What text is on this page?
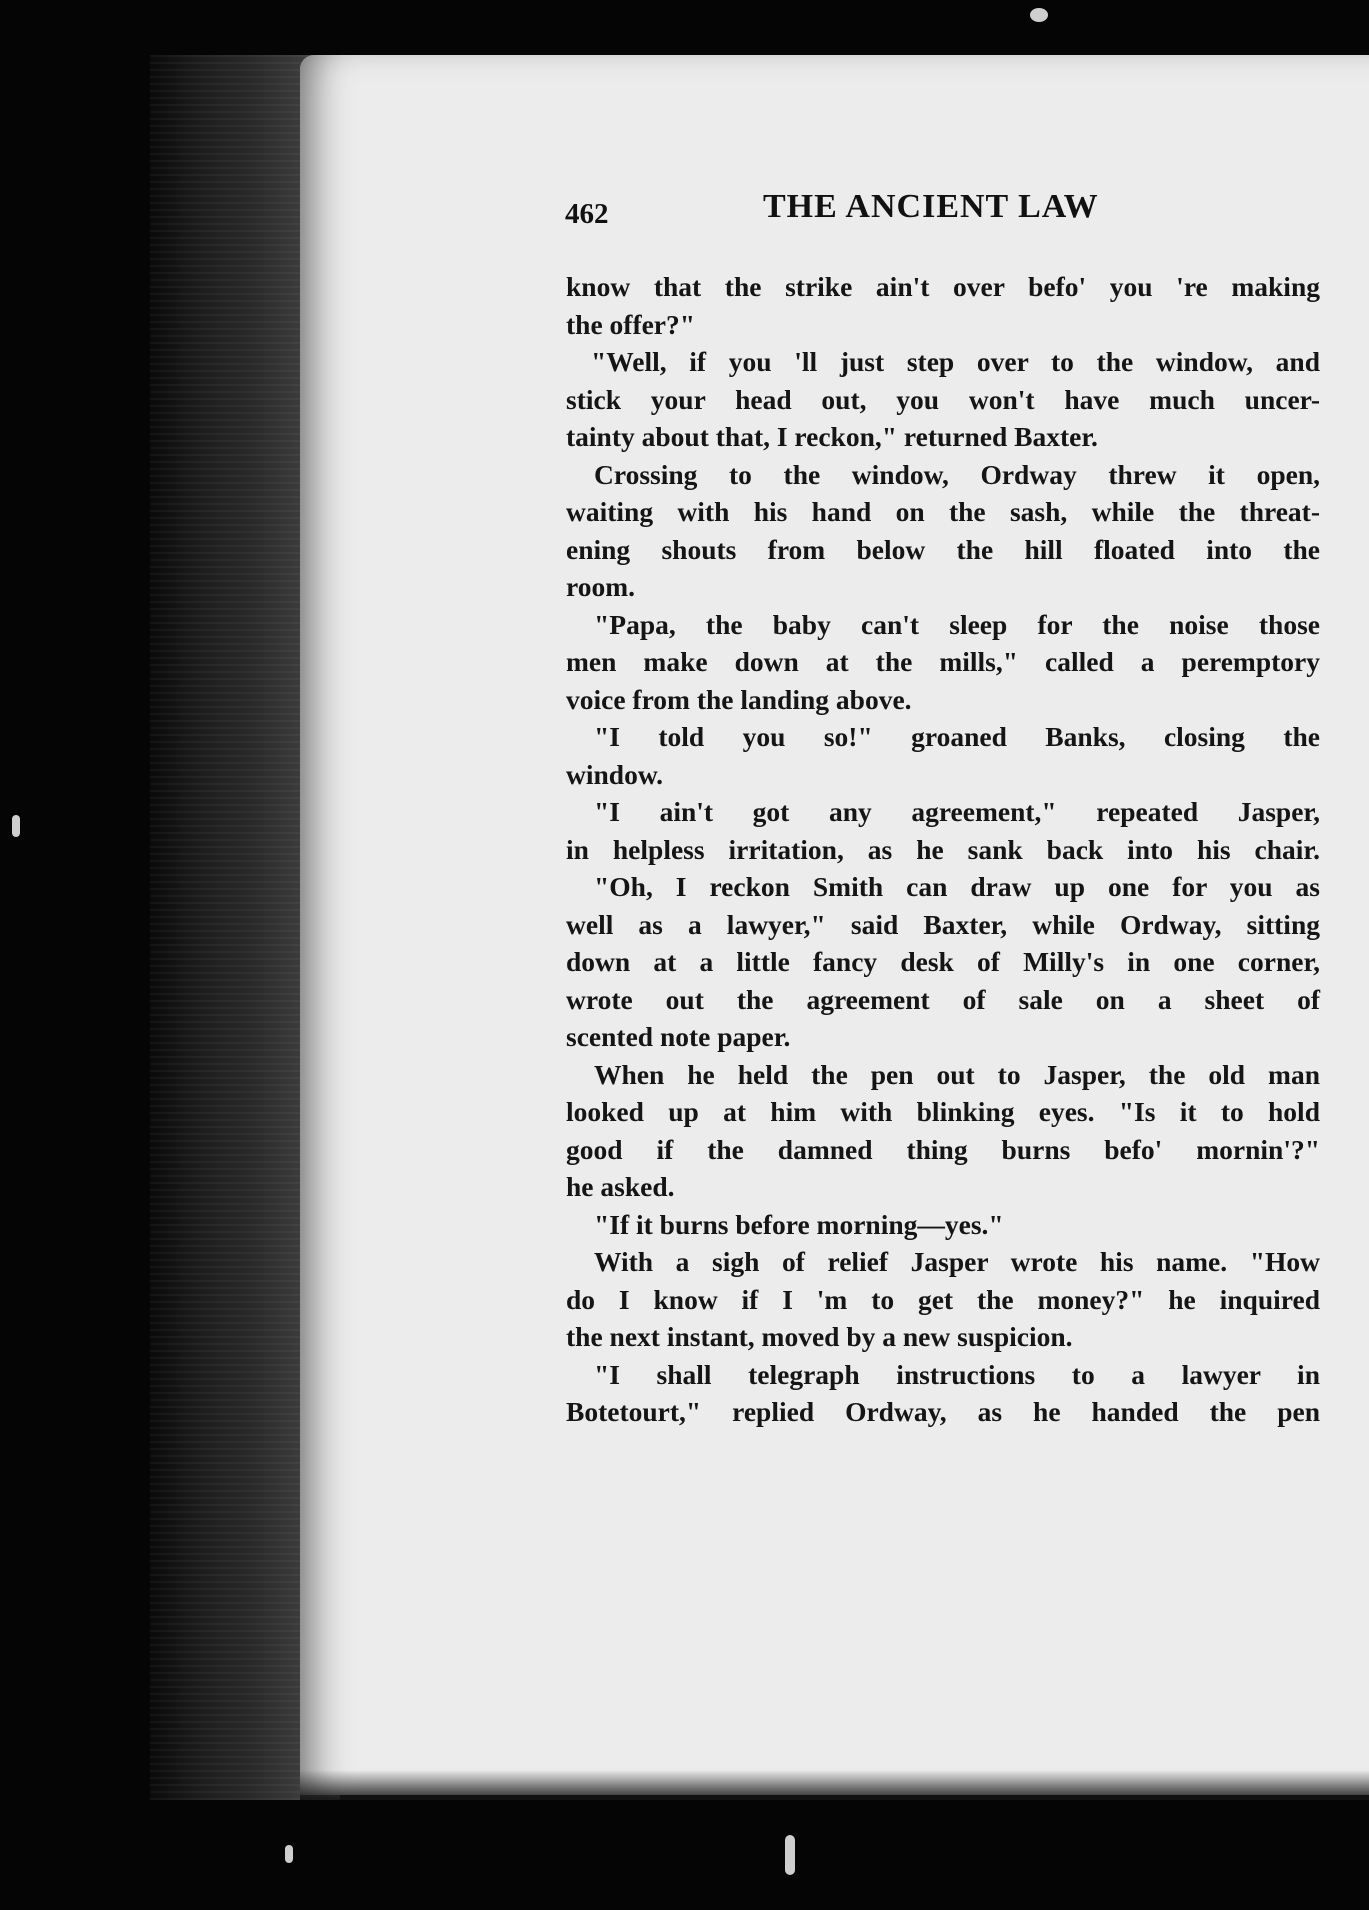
462	THE ANCIENT LAW
know that the strike ain't over befo' you 're making
the offer?"
"Well, if you 'll just step over to the window, and
stick your head out, you won't have much uncer-
tainty about that, I reckon," returned Baxter.
Crossing to the window, Ordway threw it open,
waiting with his hand on the sash, while the threat-
ening shouts from below the hill floated into the
room.
"Papa, the baby can't sleep for the noise those
men make down at the mills," called a peremptory
voice from the landing above.
"I told you so!" groaned Banks, closing the
window.
"I ain't got any agreement," repeated Jasper,
in helpless irritation, as he sank back into his chair.
"Oh, I reckon Smith can draw up one for you as
well as a lawyer," said Baxter, while Ordway, sitting
down at a little fancy desk of Milly's in one corner,
wrote out the agreement of sale on a sheet of
scented note paper.
When he held the pen out to Jasper, the old man
looked up at him with blinking eyes. "Is it to hold
good if the damned thing burns befo' mornin'?"
he asked.
"If it burns before morning—yes."
With a sigh of relief Jasper wrote his name. "How
do I know if I 'm to get the money?" he inquired
the next instant, moved by a new suspicion.
"I shall telegraph instructions to a lawyer in
Botetourt," replied Ordway, as he handed the pen
